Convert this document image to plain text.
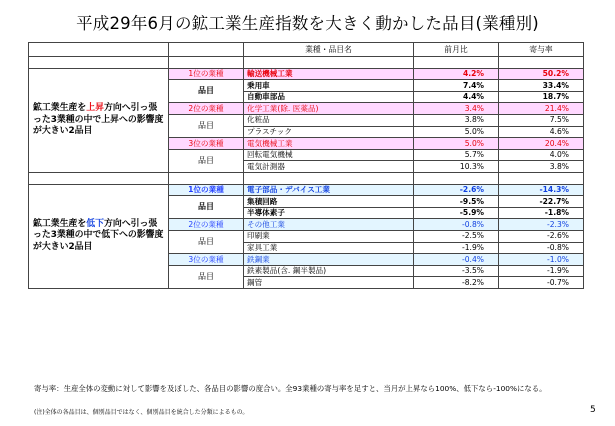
平成29年6月の鉱工業生産指数を大きく動かした品目(業種別)
		業種・品目名	前月比	寄与率

鉱工業生産を上昇方向へ引っ張った3業種の中で上昇への影響度が大きい2品目	1位の業種	輸送機械工業	4.2%	50.2%
	品目	乗用車	7.4%	33.4%
		自動車部品	4.4%	18.7%
	2位の業種	化学工業(除. 医薬品)	3.4%	21.4%
	品目	化粧品	3.8%	7.5%
		プラスチック	5.0%	4.6%
	3位の業種	電気機械工業	5.0%	20.4%
	品目	回転電気機械	5.7%	4.0%
		電気計測器	10.3%	3.8%

鉱工業生産を低下方向へ引っ張った3業種の中で低下への影響度が大きい2品目	1位の業種	電子部品・デバイス工業	-2.6%	-14.3%
	品目	集積回路	-9.5%	-22.7%
		半導体素子	-5.9%	-1.8%
	2位の業種	その他工業	-0.8%	-2.3%
	品目	印刷業	-2.5%	-2.6%
		家具工業	-1.9%	-0.8%
	3位の業種	鉄鋼業	-0.4%	-1.0%
	品目	鉄素製品(含. 鋼半製品)	-3.5%	-1.9%
		鋼管	-8.2%	-0.7%
寄与率：生産全体の変動に対して影響を及ぼした、各品目の影響の度合い。全93業種の寄与率を足すと、当月が上昇なら100%、低下なら-100%になる。
(注)全体の各品目は、個別品目ではなく、個別品目を統合した分類によるもの。	5
